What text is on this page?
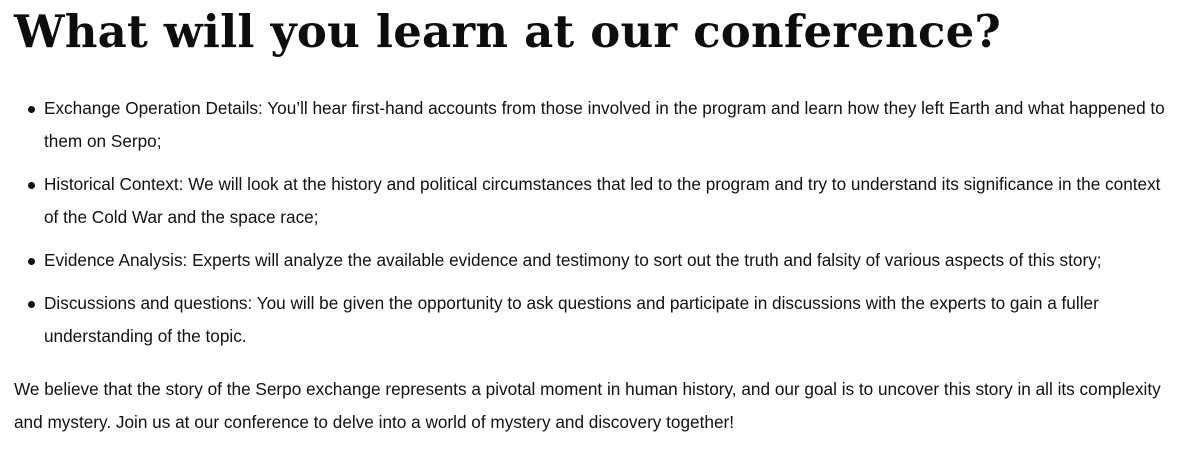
What will you learn at our conference?
Exchange Operation Details: You’ll hear first-hand accounts from those involved in the program and learn how they left Earth and what happened to them on Serpo;
Historical Context: We will look at the history and political circumstances that led to the program and try to understand its significance in the context of the Cold War and the space race;
Evidence Analysis: Experts will analyze the available evidence and testimony to sort out the truth and falsity of various aspects of this story;
Discussions and questions: You will be given the opportunity to ask questions and participate in discussions with the experts to gain a fuller understanding of the topic.

We believe that the story of the Serpo exchange represents a pivotal moment in human history, and our goal is to uncover this story in all its complexity and mystery. Join us at our conference to delve into a world of mystery and discovery together!
